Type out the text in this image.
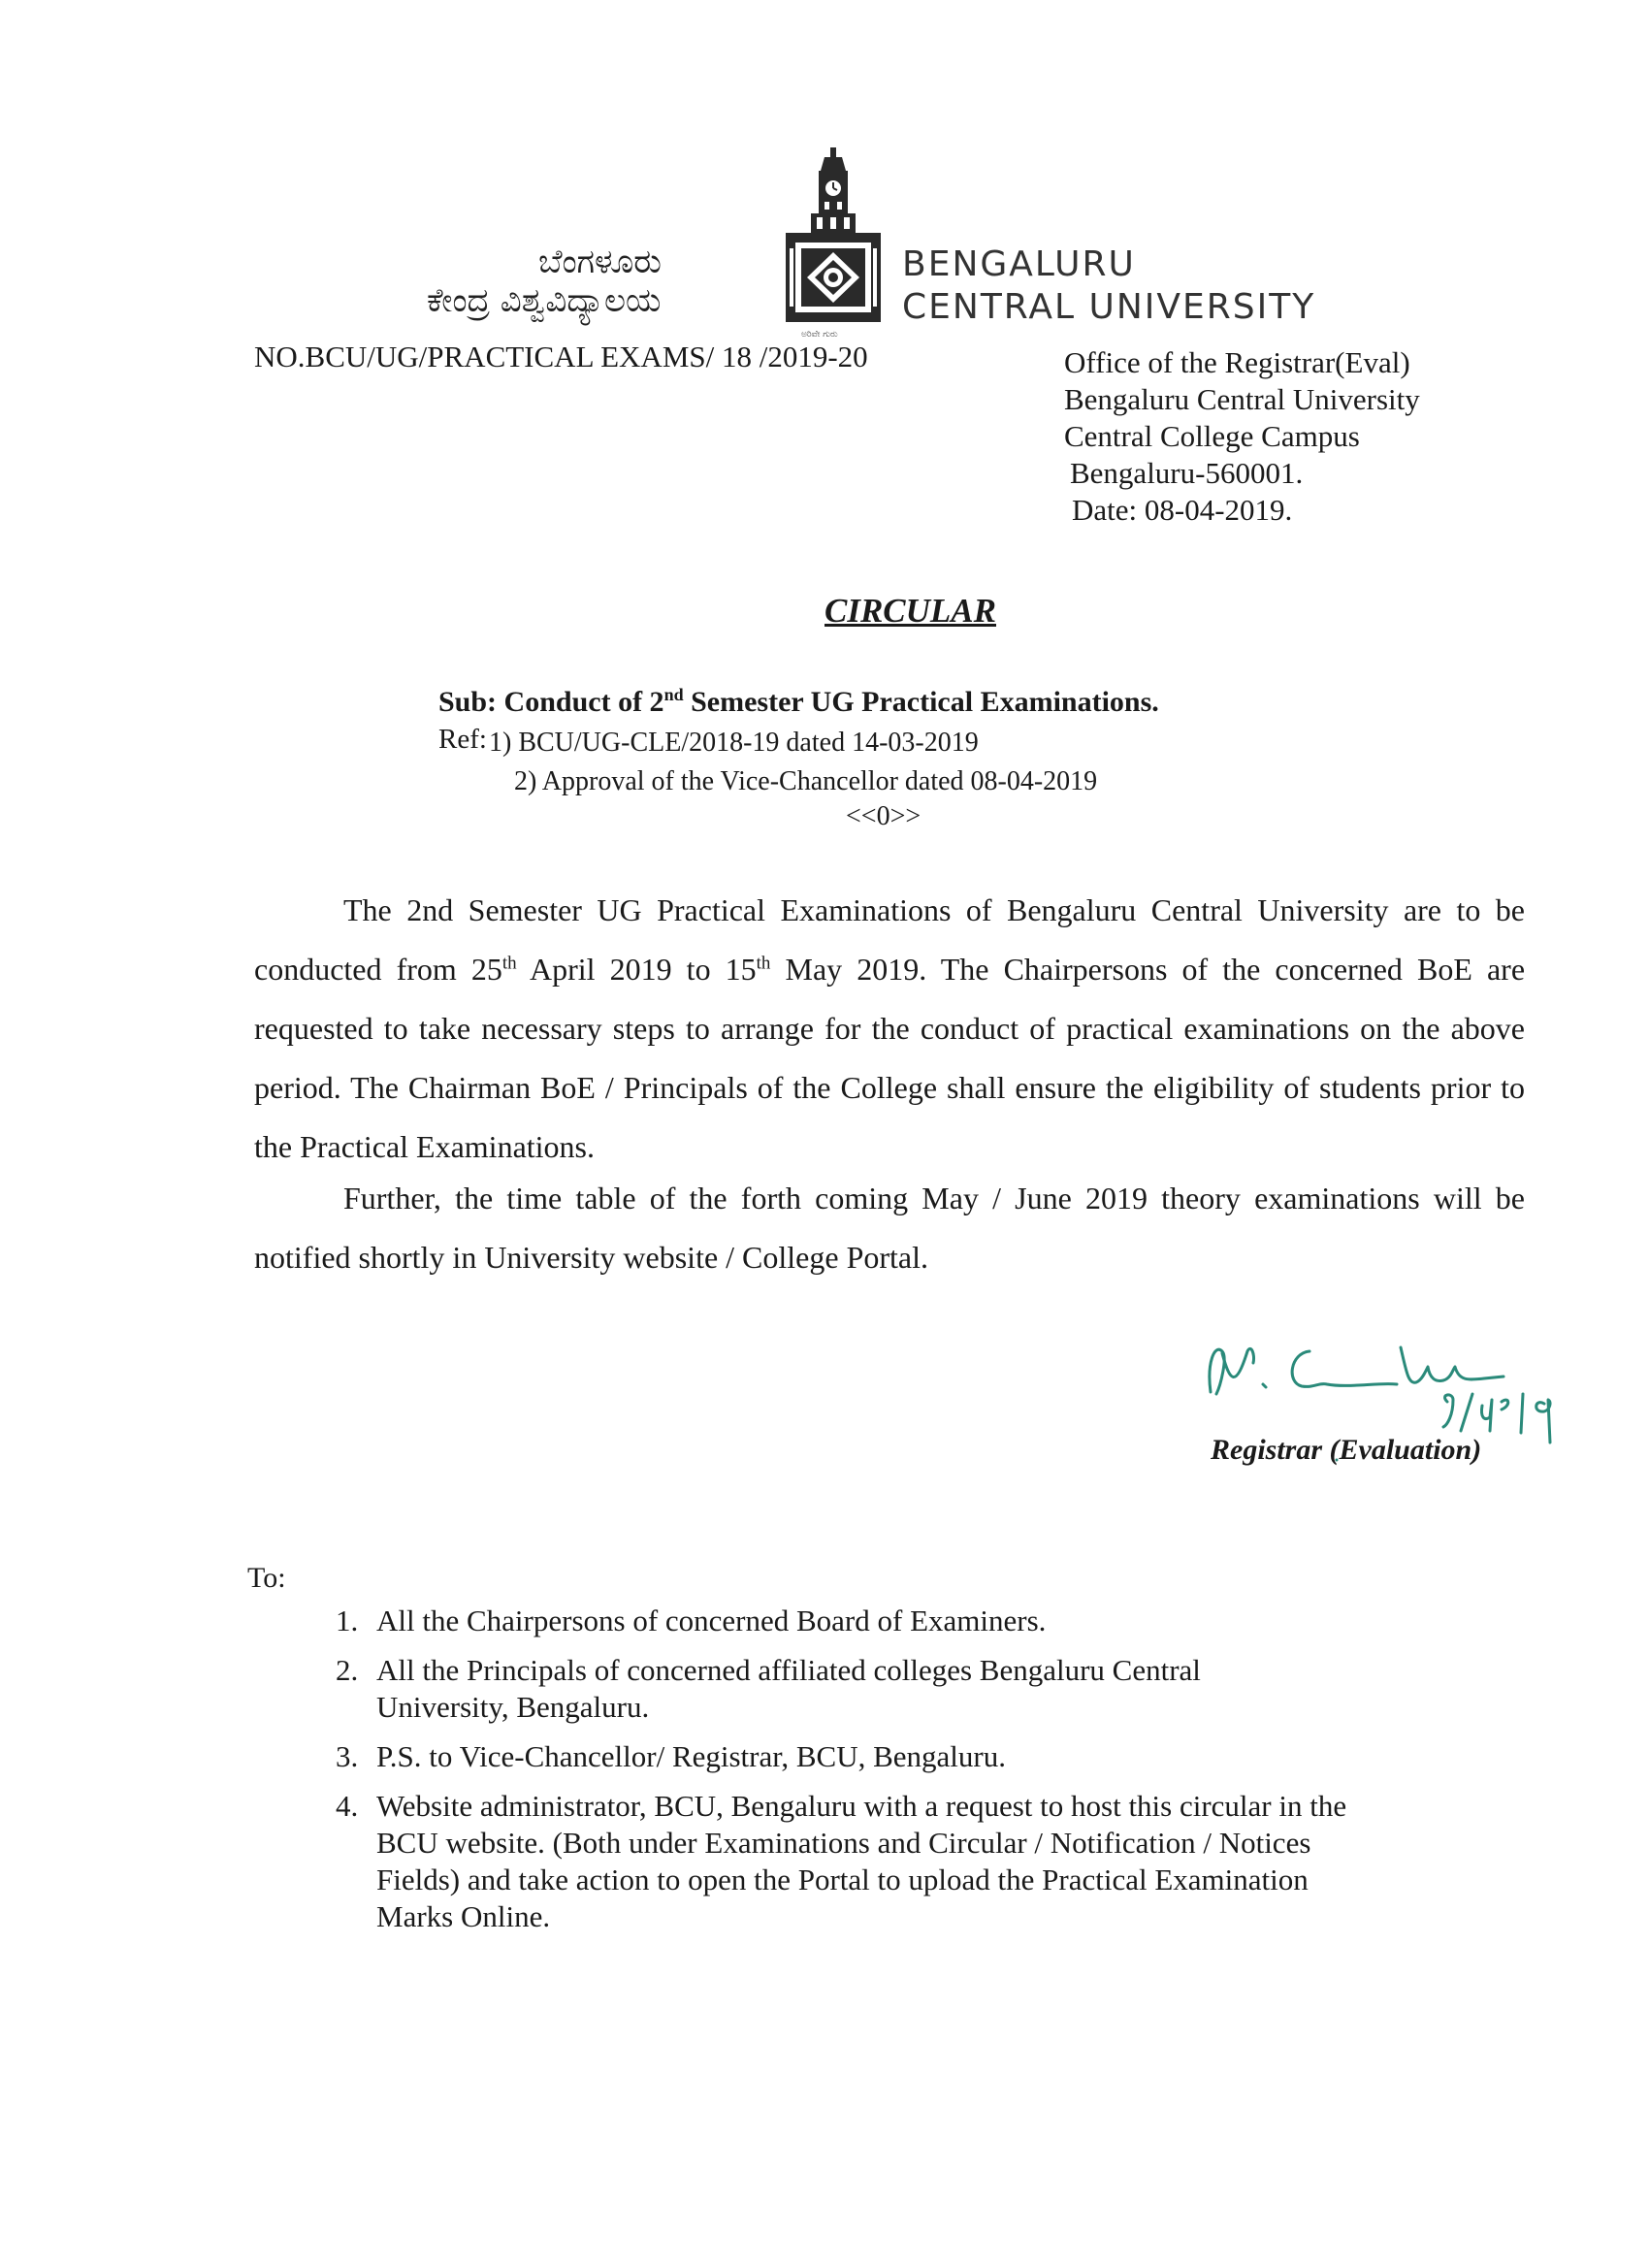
ಬೆಂಗಳೂರು
ಕೇಂದ್ರ ವಿಶ್ವವಿದ್ಯಾಲಯ
ಅರಿವೇ ಗುರು
BENGALURU
CENTRAL UNIVERSITY
NO.BCU/UG/PRACTICAL EXAMS/ 18 /2019-20	Office of the Registrar(Eval)
Bengaluru Central University
Central College Campus
Bengaluru-560001.
Date: 08-04-2019.
CIRCULAR
Sub: Conduct of 2nd Semester UG Practical Examinations.
Ref: 1) BCU/UG-CLE/2018-19 dated 14-03-2019
2) Approval of the Vice-Chancellor dated 08-04-2019
<<0>>
The 2nd Semester UG Practical Examinations of Bengaluru Central University are to be conducted from 25th April 2019 to 15th May 2019. The Chairpersons of the concerned BoE are requested to take necessary steps to arrange for the conduct of practical examinations on the above period. The Chairman BoE / Principals of the College shall ensure the eligibility of students prior to the Practical Examinations.
Further, the time table of the forth coming May / June 2019 theory examinations will be notified shortly in University website / College Portal.
Registrar (Evaluation)
To:
1. All the Chairpersons of concerned Board of Examiners.
2. All the Principals of concerned affiliated colleges Bengaluru Central University, Bengaluru.
3. P.S. to Vice-Chancellor/ Registrar, BCU, Bengaluru.
4. Website administrator, BCU, Bengaluru with a request to host this circular in the BCU website. (Both under Examinations and Circular / Notification / Notices Fields) and take action to open the Portal to upload the Practical Examination Marks Online.
